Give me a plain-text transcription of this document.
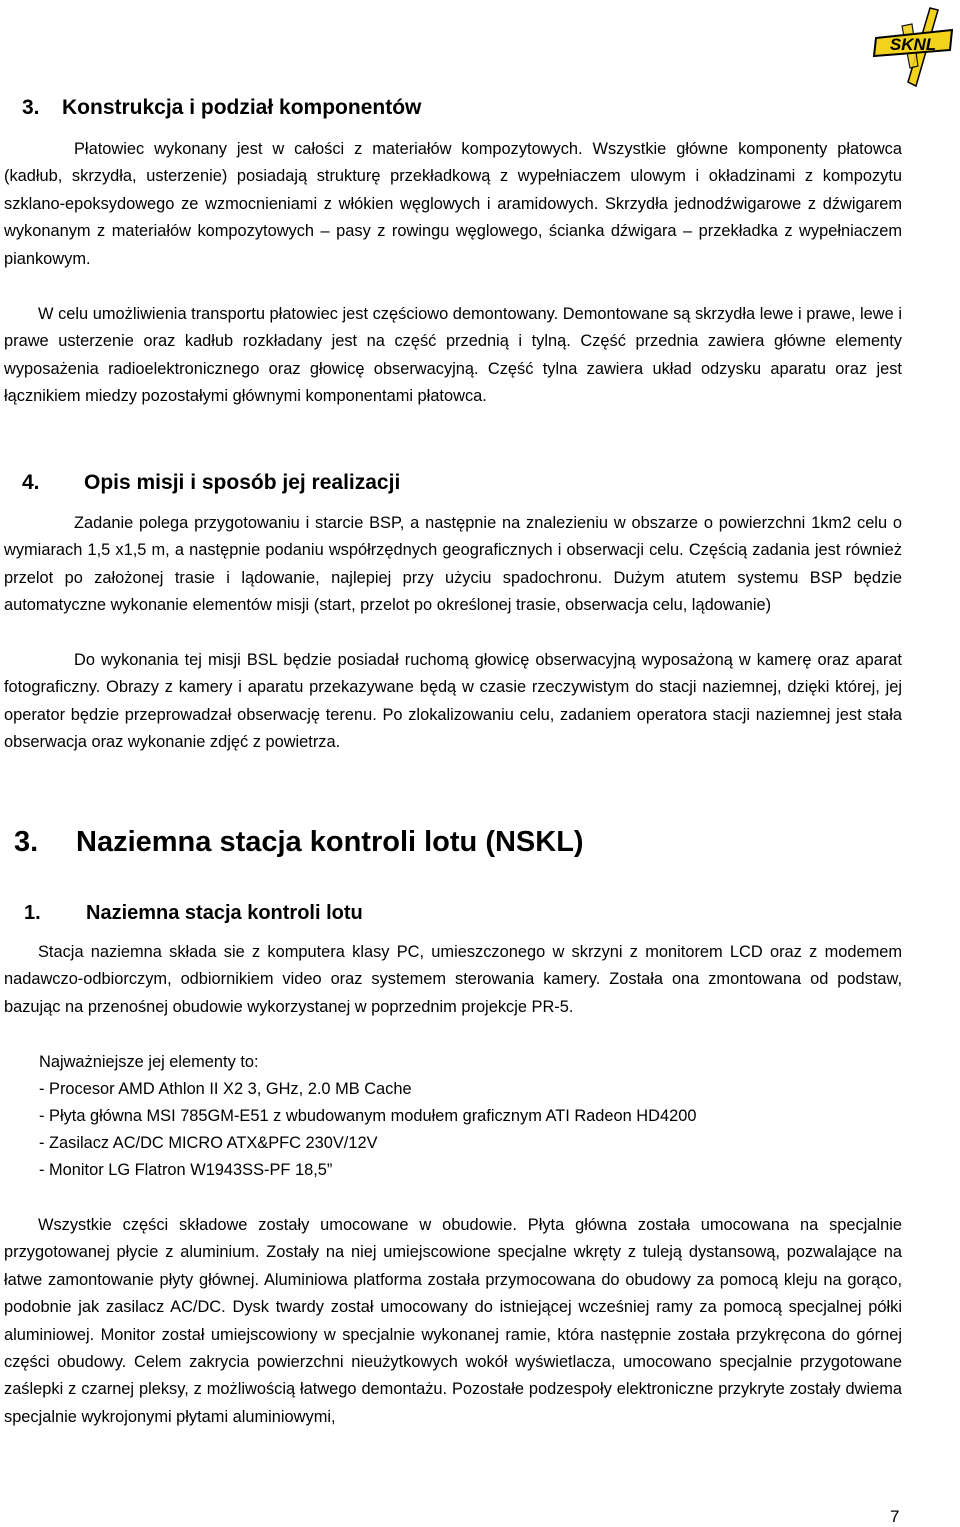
SKNL
3. Konstrukcja i podział komponentów

Płatowiec wykonany jest w całości z materiałów kompozytowych. Wszystkie główne komponenty płatowca (kadłub, skrzydła, usterzenie) posiadają strukturę przekładkową z wypełniaczem ulowym i okładzinami z kompozytu szklano-epoksydowego ze wzmocnieniami z włókien węglowych i aramidowych. Skrzydła jednodźwigarowe z dźwigarem wykonanym z materiałów kompozytowych – pasy z rowingu węglowego, ścianka dźwigara – przekładka z wypełniaczem piankowym.

W celu umożliwienia transportu płatowiec jest częściowo demontowany. Demontowane są skrzydła lewe i prawe, lewe i prawe usterzenie oraz kadłub rozkładany jest na część przednią i tylną. Część przednia zawiera główne elementy wyposażenia radioelektronicznego oraz głowicę obserwacyjną. Część tylna zawiera układ odzysku aparatu oraz jest łącznikiem miedzy pozostałymi głównymi komponentami płatowca.

4. Opis misji i sposób jej realizacji

Zadanie polega przygotowaniu i starcie BSP, a następnie na znalezieniu w obszarze o powierzchni 1km2 celu o wymiarach 1,5 x1,5 m, a następnie podaniu współrzędnych geograficznych i obserwacji celu. Częścią zadania jest również przelot po założonej trasie i lądowanie, najlepiej przy użyciu spadochronu. Dużym atutem systemu BSP będzie automatyczne wykonanie elementów misji (start, przelot po określonej trasie, obserwacja celu, lądowanie)

Do wykonania tej misji BSL będzie posiadał ruchomą głowicę obserwacyjną wyposażoną w kamerę oraz aparat fotograficzny. Obrazy z kamery i aparatu przekazywane będą w czasie rzeczywistym do stacji naziemnej, dzięki której, jej operator będzie przeprowadzał obserwację terenu. Po zlokalizowaniu celu, zadaniem operatora stacji naziemnej jest stała obserwacja oraz wykonanie zdjęć z powietrza.

3. Naziemna stacja kontroli lotu (NSKL)
1. Naziemna stacja kontroli lotu

Stacja naziemna składa sie z komputera klasy PC, umieszczonego w skrzyni z monitorem LCD oraz z modemem nadawczo-odbiorczym, odbiornikiem video oraz systemem sterowania kamery. Została ona zmontowana od podstaw, bazując na przenośnej obudowie wykorzystanej w poprzednim projekcje PR-5.

Najważniejsze jej elementy to:
- Procesor AMD Athlon II X2 3, GHz, 2.0 MB Cache
- Płyta główna MSI 785GM-E51 z wbudowanym modułem graficznym ATI Radeon HD4200
- Zasilacz AC/DC MICRO ATX&PFC 230V/12V
- Monitor LG Flatron W1943SS-PF 18,5”

Wszystkie części składowe zostały umocowane w obudowie. Płyta główna została umocowana na specjalnie przygotowanej płycie z aluminium. Zostały na niej umiejscowione specjalne wkręty z tuleją dystansową, pozwalające na łatwe zamontowanie płyty głównej. Aluminiowa platforma została przymocowana do obudowy za pomocą kleju na gorąco, podobnie jak zasilacz AC/DC. Dysk twardy został umocowany do istniejącej wcześniej ramy za pomocą specjalnej półki aluminiowej. Monitor został umiejscowiony w specjalnie wykonanej ramie, która następnie została przykręcona do górnej części obudowy. Celem zakrycia powierzchni nieużytkowych wokół wyświetlacza, umocowano specjalnie przygotowane zaślepki z czarnej pleksy, z możliwością łatwego demontażu. Pozostałe podzespoły elektroniczne przykryte zostały dwiema specjalnie wykrojonymi płytami aluminiowymi,

7
